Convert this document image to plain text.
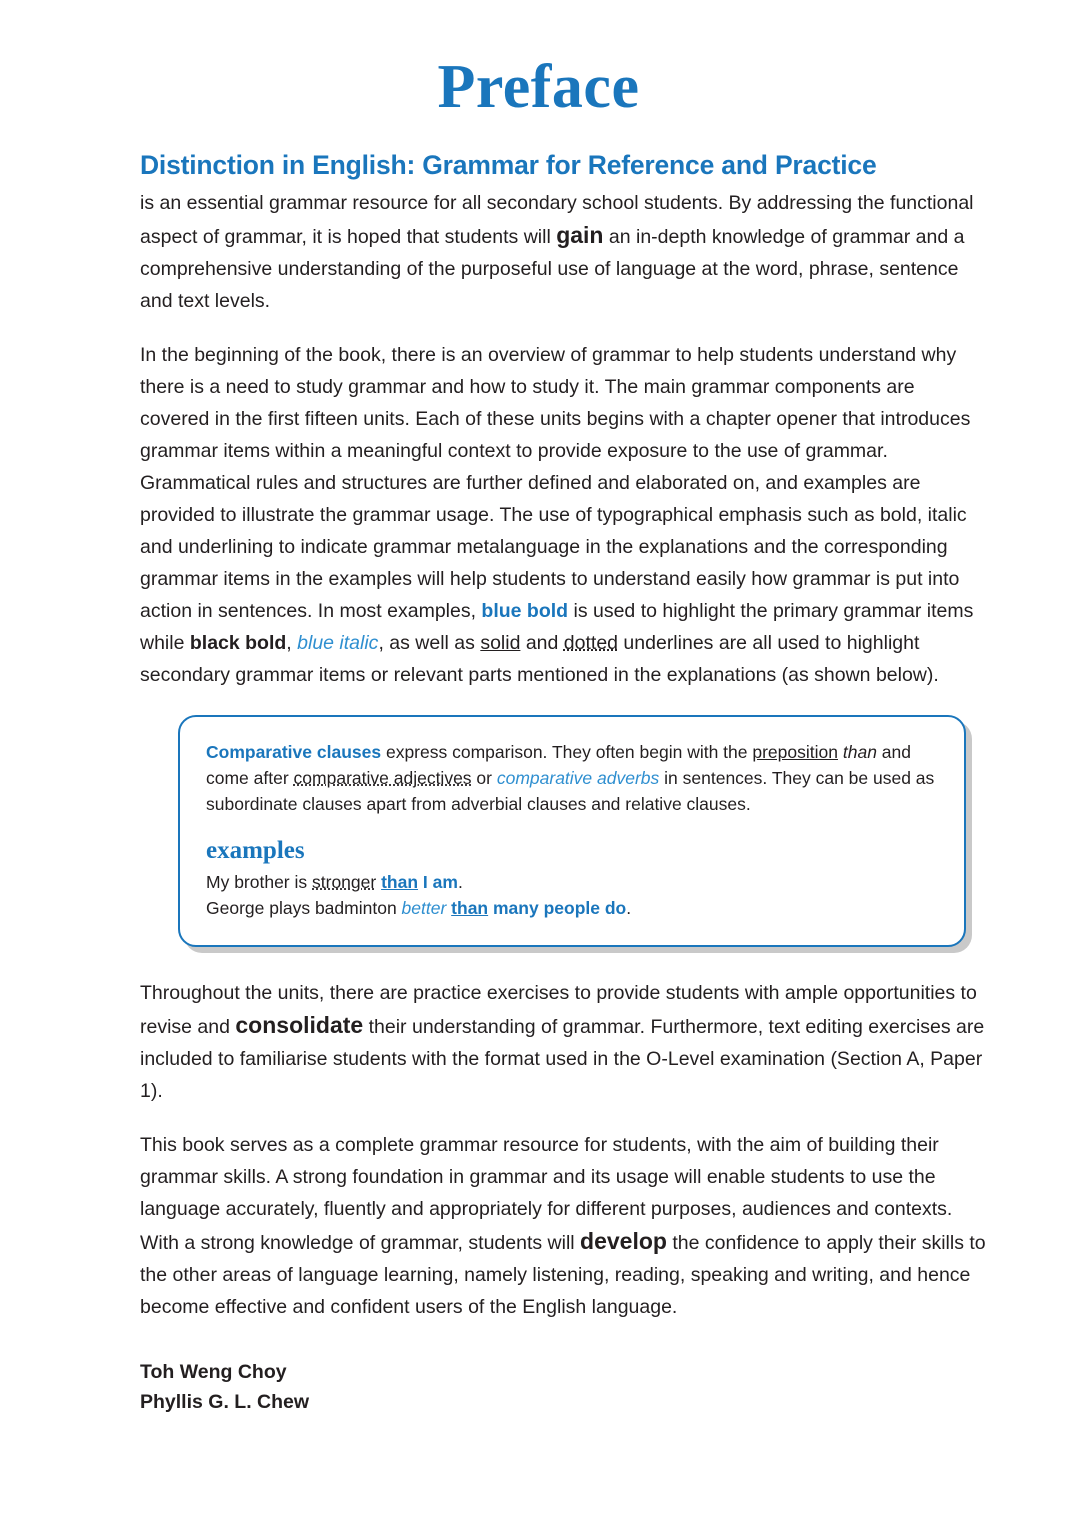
Preface
Distinction in English: Grammar for Reference and Practice

is an essential grammar resource for all secondary school students. By addressing the functional aspect of grammar, it is hoped that students will gain an in-depth knowledge of grammar and a comprehensive understanding of the purposeful use of language at the word, phrase, sentence and text levels.

In the beginning of the book, there is an overview of grammar to help students understand why there is a need to study grammar and how to study it. The main grammar components are covered in the first fifteen units. Each of these units begins with a chapter opener that introduces grammar items within a meaningful context to provide exposure to the use of grammar. Grammatical rules and structures are further defined and elaborated on, and examples are provided to illustrate the grammar usage. The use of typographical emphasis such as bold, italic and underlining to indicate grammar metalanguage in the explanations and the corresponding grammar items in the examples will help students to understand easily how grammar is put into action in sentences. In most examples, blue bold is used to highlight the primary grammar items while black bold, blue italic, as well as solid and dotted underlines are all used to highlight secondary grammar items or relevant parts mentioned in the explanations (as shown below).

Comparative clauses express comparison. They often begin with the preposition than and come after comparative adjectives or comparative adverbs in sentences. They can be used as subordinate clauses apart from adverbial clauses and relative clauses.

examples
My brother is stronger than I am.
George plays badminton better than many people do.

Throughout the units, there are practice exercises to provide students with ample opportunities to revise and consolidate their understanding of grammar. Furthermore, text editing exercises are included to familiarise students with the format used in the O-Level examination (Section A, Paper 1).

This book serves as a complete grammar resource for students, with the aim of building their grammar skills. A strong foundation in grammar and its usage will enable students to use the language accurately, fluently and appropriately for different purposes, audiences and contexts. With a strong knowledge of grammar, students will develop the confidence to apply their skills to the other areas of language learning, namely listening, reading, speaking and writing, and hence become effective and confident users of the English language.

Toh Weng Choy
Phyllis G. L. Chew
